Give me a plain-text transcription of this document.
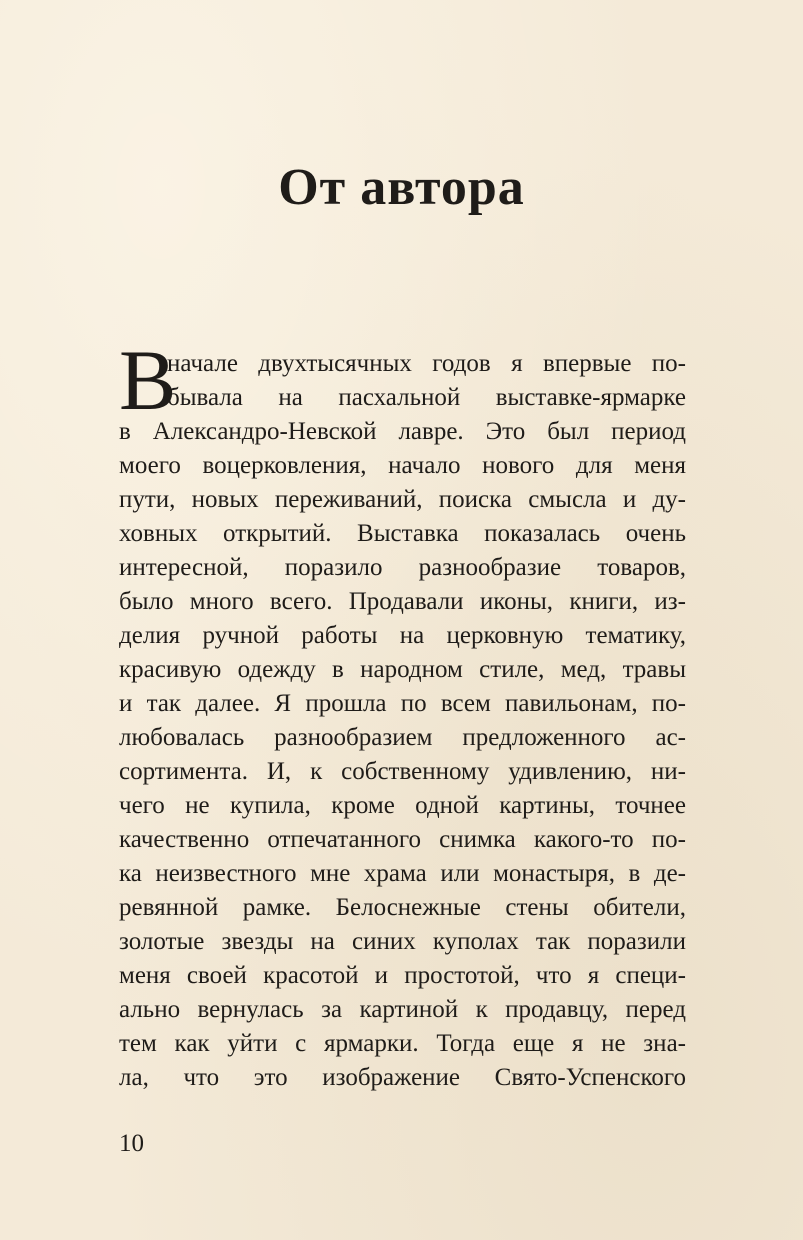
От автора
В
начале двухтысячных годов я впервые по-
бывала на пасхальной выставке-ярмарке
в Александро-Невской лавре. Это был период
моего воцерковления, начало нового для меня
пути, новых переживаний, поиска смысла и ду-
ховных открытий. Выставка показалась очень
интересной, поразило разнообразие товаров,
было много всего. Продавали иконы, книги, из-
делия ручной работы на церковную тематику,
красивую одежду в народном стиле, мед, травы
и так далее. Я прошла по всем павильонам, по-
любовалась разнообразием предложенного ас-
сортимента. И, к собственному удивлению, ни-
чего не купила, кроме одной картины, точнее
качественно отпечатанного снимка какого-то по-
ка неизвестного мне храма или монастыря, в де-
ревянной рамке. Белоснежные стены обители,
золотые звезды на синих куполах так поразили
меня своей красотой и простотой, что я специ-
ально вернулась за картиной к продавцу, перед
тем как уйти с ярмарки. Тогда еще я не зна-
ла, что это изображение Свято-Успенского
10
